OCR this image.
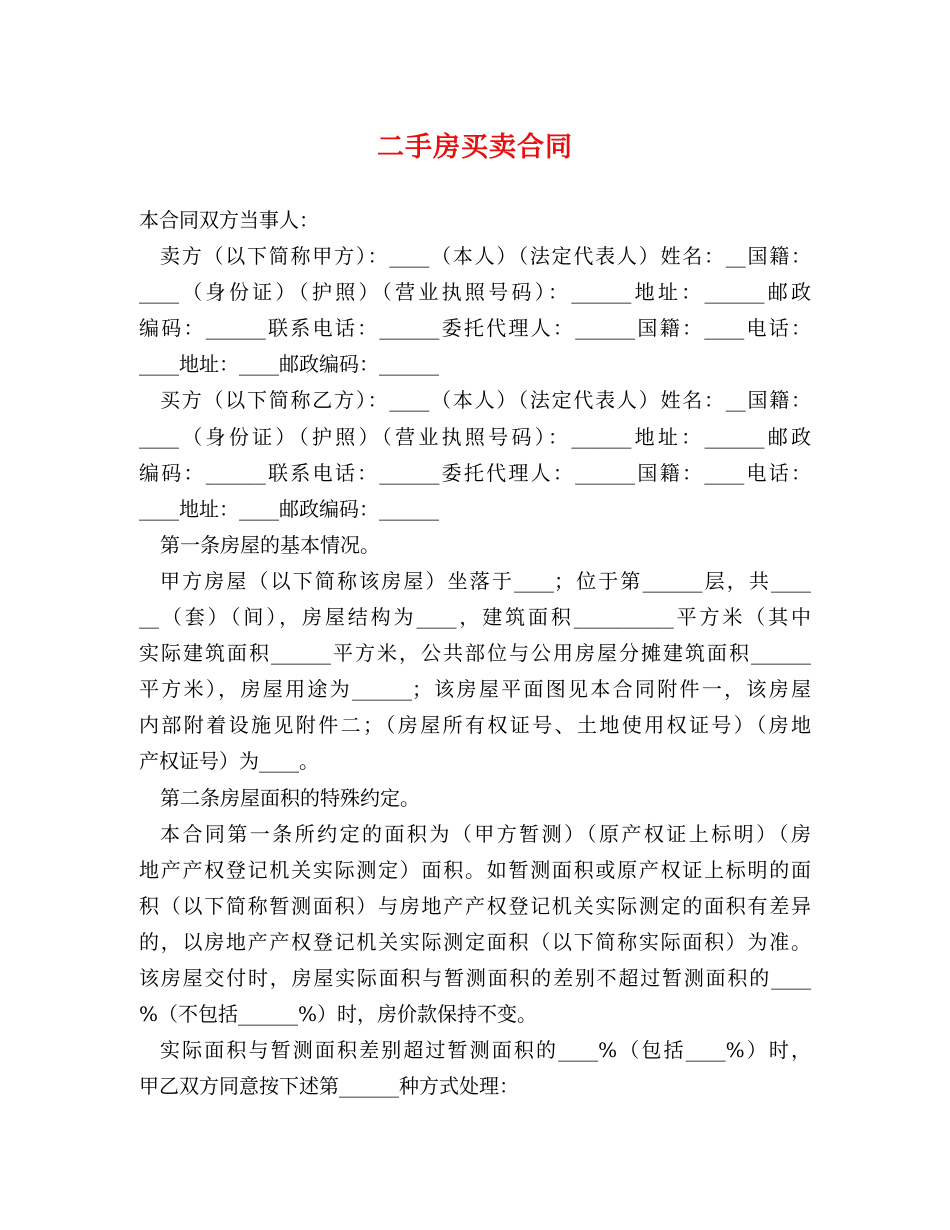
二手房买卖合同
本合同双方当事人：
卖方（以下简称甲方）：____（本人）（法定代表人）姓名：__国籍：
____（身份证）（护照）（营业执照号码）：______地址：______邮政
编码：______联系电话：______委托代理人：______国籍：____电话：
____地址：____邮政编码：______
买方（以下简称乙方）：____（本人）（法定代表人）姓名：__国籍：
____（身份证）（护照）（营业执照号码）：______地址：______邮政
编码：______联系电话：______委托代理人：______国籍：____电话：
____地址：____邮政编码：______
第一条房屋的基本情况。
甲方房屋（以下简称该房屋）坐落于____；位于第______层，共____
__（套）（间），房屋结构为____，建筑面积__________平方米（其中
实际建筑面积______平方米，公共部位与公用房屋分摊建筑面积______
平方米），房屋用途为______；该房屋平面图见本合同附件一，该房屋
内部附着设施见附件二；（房屋所有权证号、土地使用权证号）（房地
产权证号）为____。
第二条房屋面积的特殊约定。
本合同第一条所约定的面积为（甲方暂测）（原产权证上标明）（房
地产产权登记机关实际测定）面积。如暂测面积或原产权证上标明的面
积（以下简称暂测面积）与房地产产权登记机关实际测定的面积有差异
的，以房地产产权登记机关实际测定面积（以下简称实际面积）为准。
该房屋交付时，房屋实际面积与暂测面积的差别不超过暂测面积的____
%（不包括______%）时，房价款保持不变。
实际面积与暂测面积差别超过暂测面积的____%（包括____%）时，
甲乙双方同意按下述第______种方式处理：
